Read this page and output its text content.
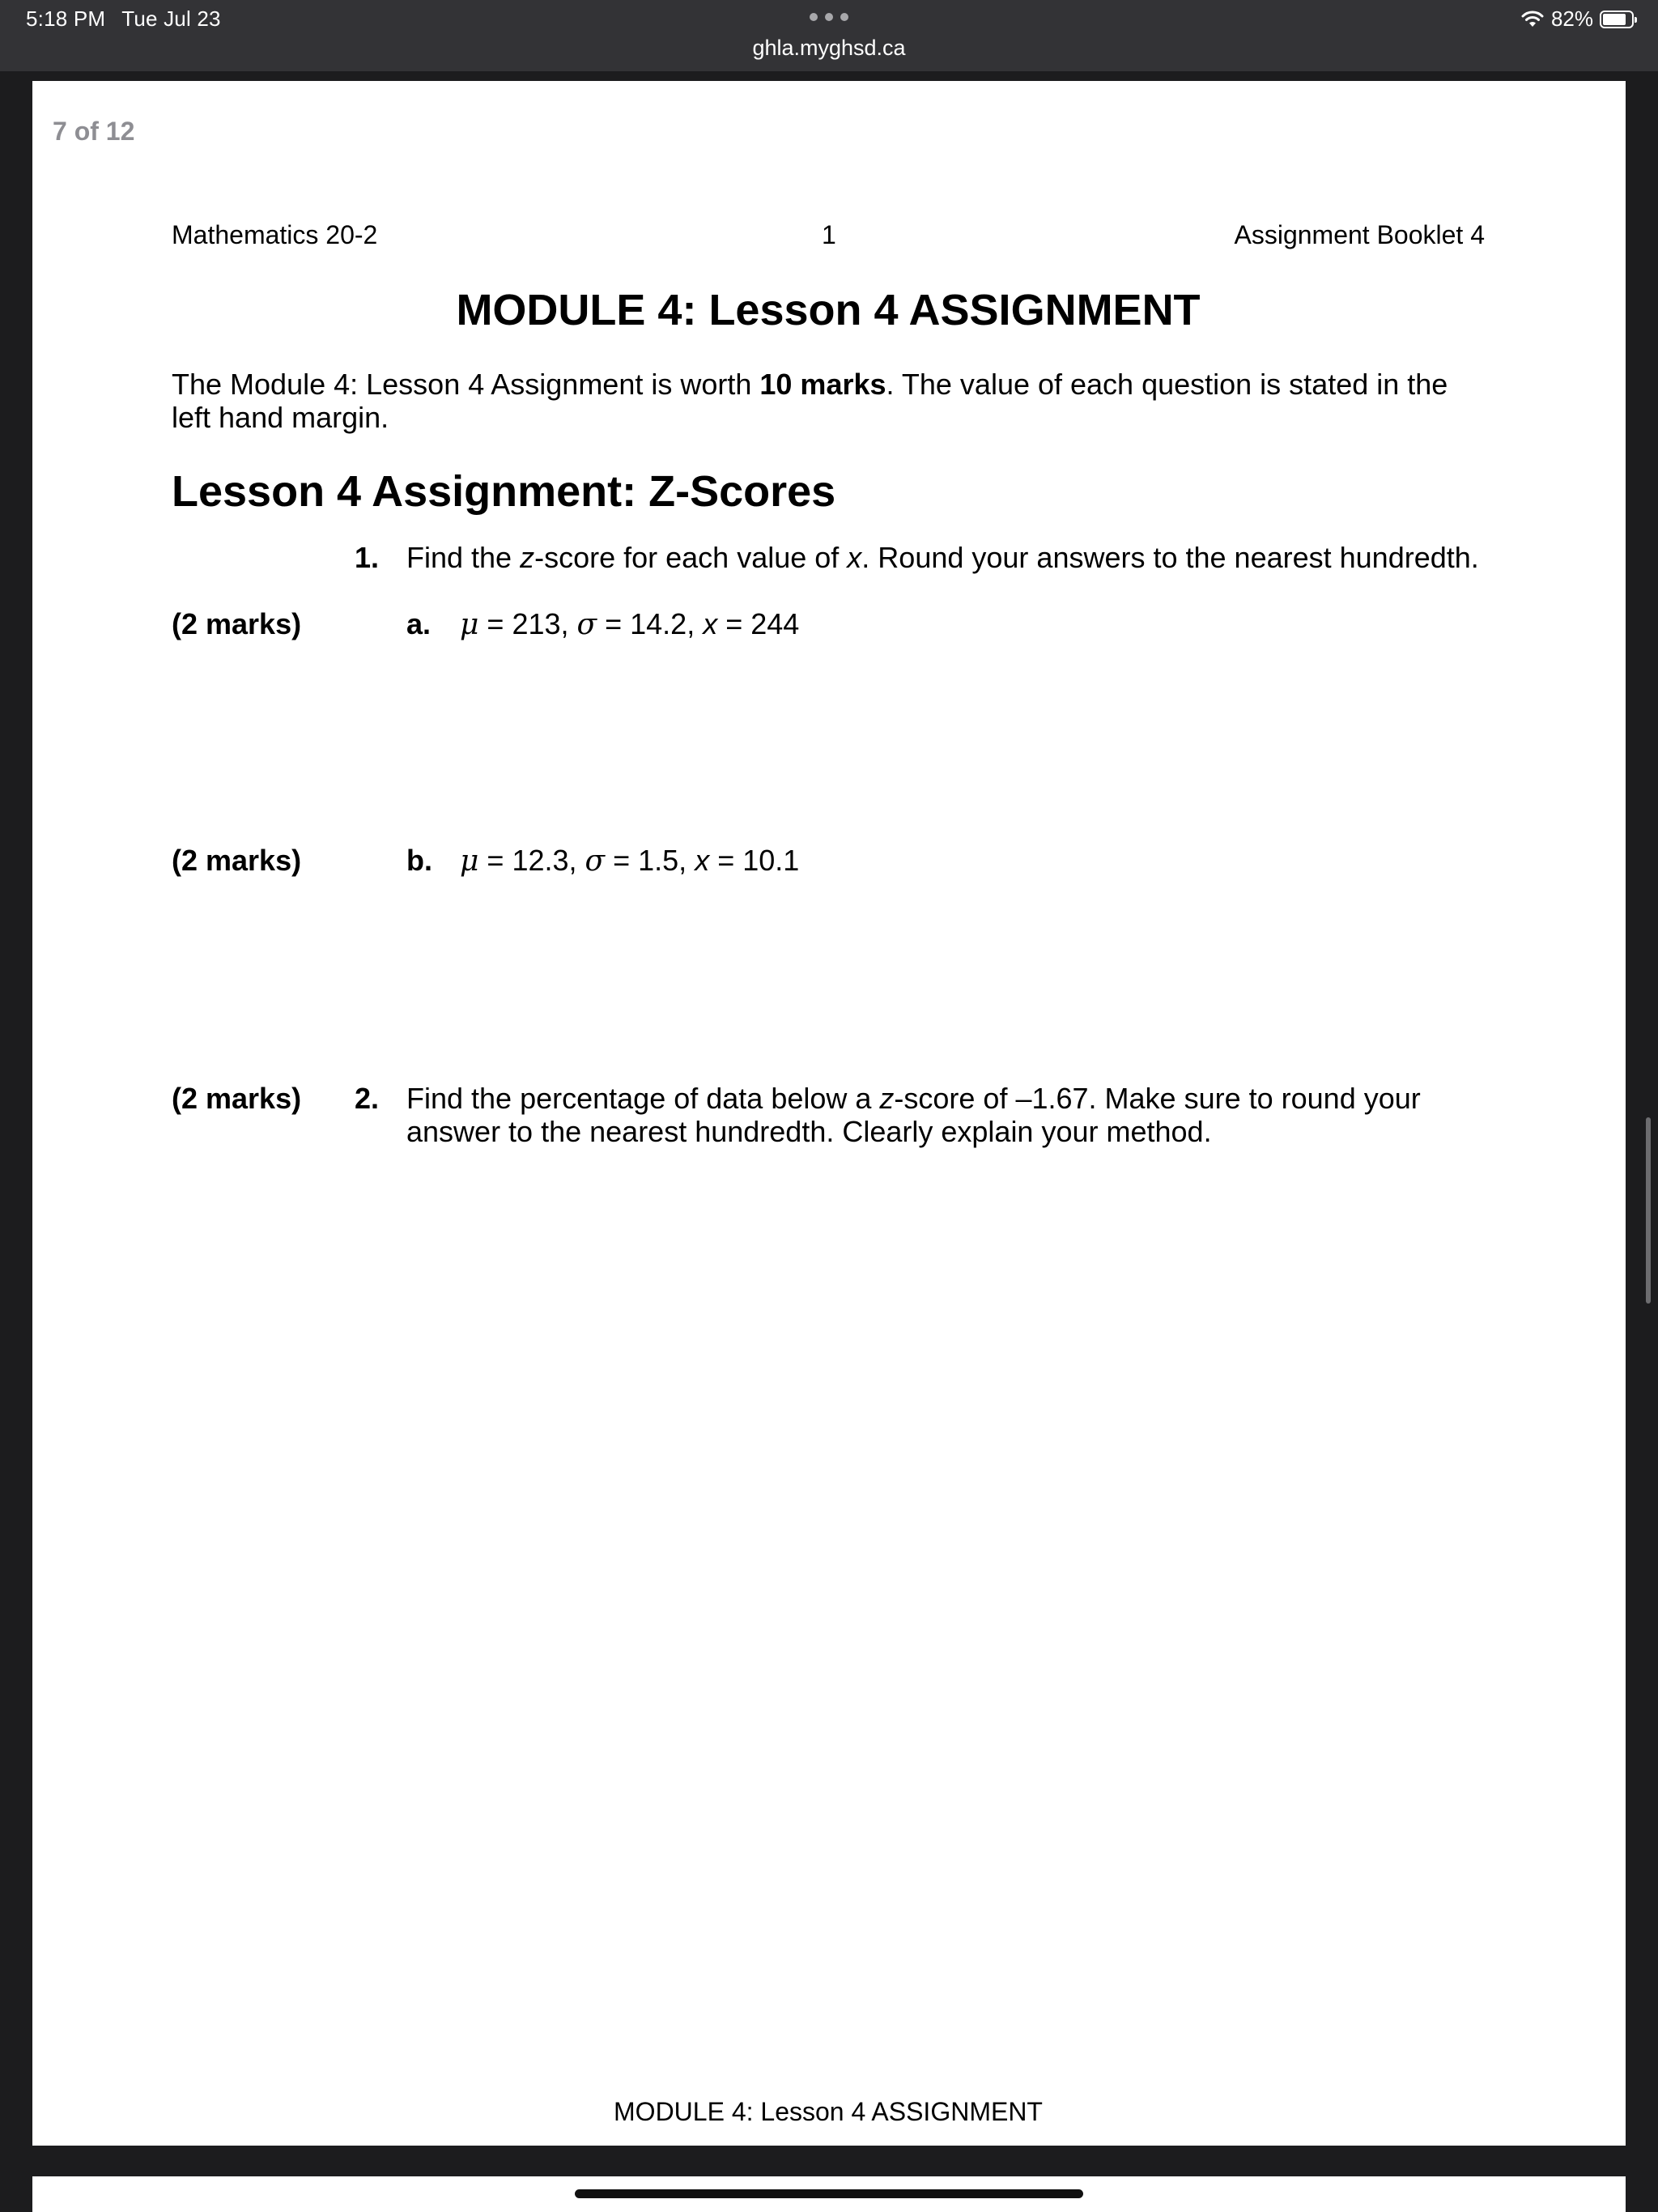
5:18 PM Tue Jul 23
ghla.myghsd.ca
82%
7 of 12
Mathematics 20-2	1	Assignment Booklet 4
MODULE 4: Lesson 4 ASSIGNMENT
The Module 4: Lesson 4 Assignment is worth 10 marks. The value of each question is stated in the left hand margin.
Lesson 4 Assignment: Z-Scores
1. Find the z-score for each value of x. Round your answers to the nearest hundredth.
(2 marks)	a. μ = 213, σ = 14.2, x = 244
(2 marks)	b. μ = 12.3, σ = 1.5, x = 10.1
(2 marks) 2. Find the percentage of data below a z-score of –1.67. Make sure to round your answer to the nearest hundredth. Clearly explain your method.
MODULE 4: Lesson 4 ASSIGNMENT
